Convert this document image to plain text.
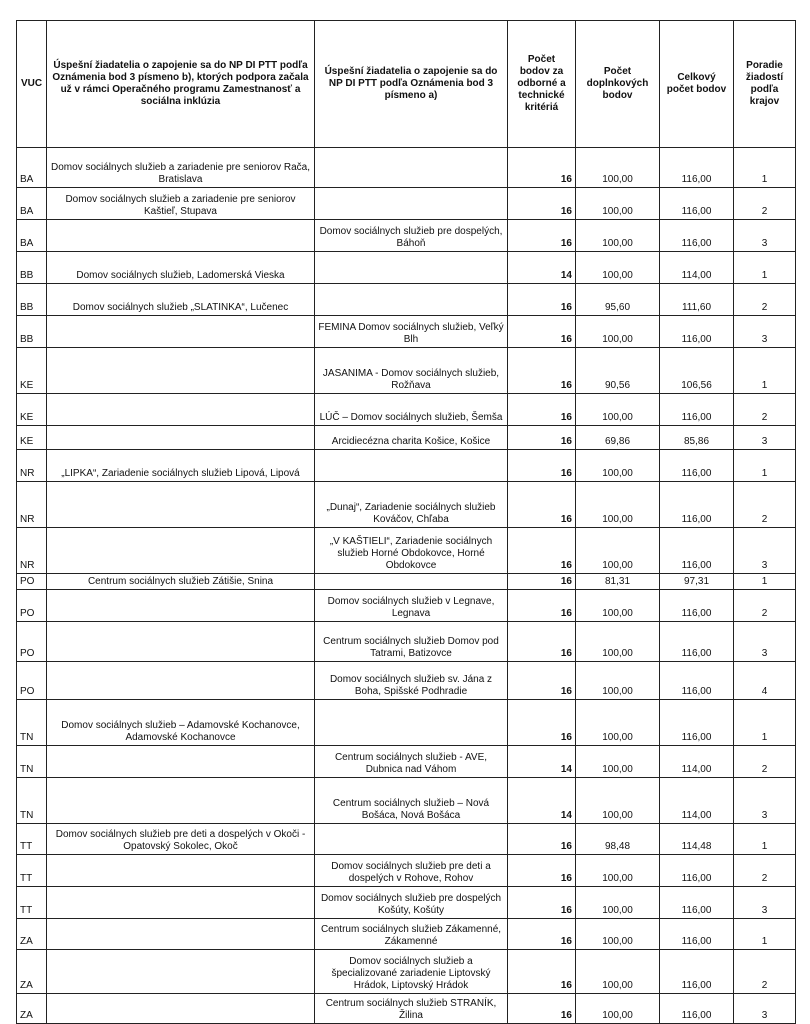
VUC	Úspešní žiadatelia o zapojenie sa do NP DI PTT podľa Oznámenia bod 3 písmeno b), ktorých podpora začala už v rámci Operačného programu Zamestnanosť a sociálna inklúzia	Úspešní žiadatelia o zapojenie sa do NP DI PTT podľa Oznámenia bod 3 písmeno a)	Počet bodov za odborné a technické kritériá	Počet doplnkových bodov	Celkový počet bodov	Poradie žiadostí podľa krajov
BA	Domov sociálnych služieb a zariadenie pre seniorov Rača, Bratislava		16	100,00	116,00	1
BA	Domov sociálnych služieb a zariadenie pre seniorov Kaštieľ, Stupava		16	100,00	116,00	2
BA		Domov sociálnych služieb pre dospelých, Báhoň	16	100,00	116,00	3
BB	Domov sociálnych služieb, Ladomerská Vieska		14	100,00	114,00	1
BB	Domov sociálnych služieb „SLATINKA“, Lučenec		16	95,60	111,60	2
BB		FEMINA Domov sociálnych služieb, Veľký Blh	16	100,00	116,00	3
KE		JASANIMA - Domov sociálnych služieb, Rožňava	16	90,56	106,56	1
KE		LÚČ – Domov sociálnych služieb, Šemša	16	100,00	116,00	2
KE		Arcidiecézna charita Košice, Košice	16	69,86	85,86	3
NR	„LIPKA“, Zariadenie sociálnych služieb Lipová, Lipová		16	100,00	116,00	1
NR		„Dunaj“, Zariadenie sociálnych služieb Kováčov, Chľaba	16	100,00	116,00	2
NR		„V KAŠTIELI“, Zariadenie sociálnych služieb Horné Obdokovce, Horné Obdokovce	16	100,00	116,00	3
PO	Centrum sociálnych služieb Zátišie, Snina		16	81,31	97,31	1
PO		Domov sociálnych služieb v Legnave, Legnava	16	100,00	116,00	2
PO		Centrum sociálnych služieb Domov pod Tatrami, Batizovce	16	100,00	116,00	3
PO		Domov sociálnych služieb sv. Jána z Boha, Spišské Podhradie	16	100,00	116,00	4
TN	Domov sociálnych služieb – Adamovské Kochanovce, Adamovské Kochanovce		16	100,00	116,00	1
TN		Centrum sociálnych služieb - AVE, Dubnica nad Váhom	14	100,00	114,00	2
TN		Centrum sociálnych služieb – Nová Bošáca, Nová Bošáca	14	100,00	114,00	3
TT	Domov sociálnych služieb pre deti a dospelých v Okoči - Opatovský Sokolec, Okoč		16	98,48	114,48	1
TT		Domov sociálnych služieb pre deti a dospelých v Rohove, Rohov	16	100,00	116,00	2
TT		Domov sociálnych služieb pre dospelých Košúty, Košúty	16	100,00	116,00	3
ZA		Centrum sociálnych služieb Zákamenné, Zákamenné	16	100,00	116,00	1
ZA		Domov sociálnych služieb a špecializované zariadenie Liptovský Hrádok, Liptovský Hrádok	16	100,00	116,00	2
ZA		Centrum sociálnych služieb STRANÍK, Žilina	16	100,00	116,00	3
